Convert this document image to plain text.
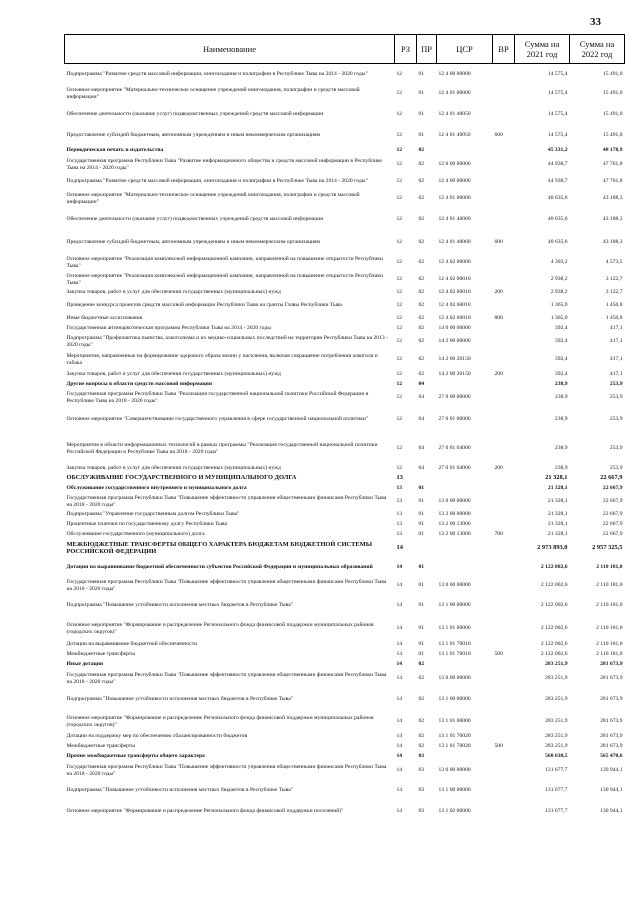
33
Наименование	РЗ	ПР	ЦСР	ВР	Сумма на 2021 год	Сумма на 2022 год
Подпрограмма "Развитие средств массовой информации, книгоиздания и полиграфии в Республике Тыва на 2014 - 2020 годы"	12	01	12 4 00 00000		14 575,4	15 491,0
Основное мероприятие "Материально-техническое оснащение учреждений книгоиздания, полиграфии и средств массовой информации"	12	01	12 4 01 00000		14 575,4	15 491,0
Обеспечение деятельности (оказание услуг) подведомственных учреждений средств массовой информации	12	01	12 4 01 40050		14 575,4	15 491,0
Предоставление субсидий бюджетным, автономным учреждениям и иным некоммерческим организациям	12	01	12 4 01 40050	600	14 575,4	15 491,0
Периодическая печать и издательства	12	02			45 331,2	48 178,9
Государственная программа Республики Тыва "Развитие информационного общества и средств массовой информации в Республике Тыва на 2014 - 2020 годы"	12	02	12 0 00 00000		44 938,7	47 761,8
Подпрограмма "Развитие средств массовой информации, книгоиздания и полиграфии в Республике Тыва на 2014 - 2020 годы"	12	02	12 4 00 00000		44 938,7	47 761,8
Основное мероприятие "Материально-техническое оснащение учреждений книгоиздания, полиграфии и средств массовой информации"	12	02	12 4 01 00000		40 635,6	43 188,3
Обеспечение деятельности (оказание услуг) подведомственных учреждений средств массовой информации	12	02	12 4 01 40060		40 635,6	43 188,3
Предоставление субсидий бюджетным, автономным учреждениям и иным некоммерческим организациям	12	02	12 4 01 40060	600	40 635,6	43 188,3
Основное мероприятие "Реализация комплексной информационной кампании, направленной на повышение открытости Республики Тыва"	12	02	12 4 02 00000		4 303,2	4 573,5
Основное мероприятие "Реализация комплексной информационной кампании, направленной на повышение открытости Республики Тыва"	12	02	12 4 02 00010		2 938,2	3 122,7
Закупка товаров, работ и услуг для обеспечения государственных (муниципальных) нужд	12	02	12 4 02 00010	200	2 938,2	3 122,7
Проведение конкурса проектов средств массовой информации Республики Тыва на гранты Главы Республики Тыва	12	02	12 4 02 60010		1 365,0	1 450,8
Иные бюджетные ассигнования	12	02	12 4 02 60010	800	1 365,0	1 450,8
Государственная антинаркотическая программа Республики Тыва на 2014 - 2020 годы	12	02	14 0 00 00000		392,4	417,1
Подпрограмма "Профилактика пьянства, алкоголизма и их медико-социальных последствий на территории Республики Тыва на 2013 - 2020 годы"	12	02	14 2 00 00000		392,4	417,1
Мероприятия, направленные на формирование здорового образа жизни у населения, включая сокращение потребления алкоголя и табака	12	02	14 2 00 20150		392,4	417,1
Закупка товаров, работ и услуг для обеспечения государственных (муниципальных) нужд	12	02	14 2 00 20150	200	392,4	417,1
Другие вопросы в области средств массовой информации	12	04			238,9	253,9
Государственная программа Республики Тыва "Реализация государственной национальной политики Российской Федерации в Республике Тыва на 2018 - 2020 годы"	12	04	27 0 00 00000		238,9	253,9
Основное мероприятие "Совершенствование государственного управления в сфере государственной национальной политики"	12	04	27 0 01 00000		238,9	253,9
Мероприятия в области информационных технологий в рамках программы "Реализация государственной национальной политики Российской Федерации в Республике Тыва на 2018 - 2020 годы"	12	04	27 0 01 04000		238,9	253,9
Закупка товаров, работ и услуг для обеспечения государственных (муниципальных) нужд	12	04	27 0 01 04000	200	238,9	253,9
ОБСЛУЖИВАНИЕ ГОСУДАРСТВЕННОГО И МУНИЦИПАЛЬНОГО ДОЛГА	13				21 328,1	22 667,9
Обслуживание государственного внутреннего и муниципального долга	13	01			21 328,1	22 667,9
Государственная программа Республики Тыва "Повышение эффективности управления общественными финансами Республики Тыва на 2018 - 2020 годы"	13	01	13 0 00 00000		21 328,1	22 667,9
Подпрограмма "Управление государственным долгом Республики Тыва"	13	01	13 2 00 00000		21 328,1	22 667,9
Процентные платежи по государственному долгу Республики Тыва	13	01	13 2 00 13000		21 328,1	22 667,9
Обслуживание государственного (муниципального) долга	13	01	13 2 00 13000	700	21 328,1	22 667,9
МЕЖБЮДЖЕТНЫЕ ТРАНСФЕРТЫ ОБЩЕГО ХАРАКТЕРА БЮДЖЕТАМ БЮДЖЕТНОЙ СИСТЕМЫ РОССИЙСКОЙ ФЕДЕРАЦИИ	14				2 973 893,0	2 957 325,5
Дотации на выравнивание бюджетной обеспеченности субъектов Российской Федерации и муниципальных образований	14	01			2 122 002,6	2 110 181,0
Государственная программа Республики Тыва "Повышение эффективности управления общественными финансами Республики Тыва на 2018 - 2020 годы"	14	01	13 0 00 00000		2 122 002,6	2 110 181,0
Подпрограмма "Повышение устойчивости исполнения местных бюджетов в Республике Тыва"	14	01	13 1 00 00000		2 122 002,6	2 110 181,0
Основное мероприятие "Формирование и распределение Регионального фонда финансовой поддержки муниципальных районов (городских округов)"	14	01	13 1 01 00000		2 122 002,6	2 110 181,0
Дотации на выравнивание бюджетной обеспеченности	14	01	13 1 01 70010		2 122 002,6	2 110 181,0
Межбюджетные трансферты	14	01	13 1 01 70010	500	2 122 002,6	2 110 181,0
Иные дотации	14	02			283 251,9	281 673,9
Государственная программа Республики Тыва "Повышение эффективности управления общественными финансами Республики Тыва на 2018 - 2020 годы"	14	02	13 0 00 00000		283 251,9	281 673,9
Подпрограмма "Повышение устойчивости исполнения местных бюджетов в Республике Тыва"	14	02	13 1 00 00000		283 251,9	281 673,9
Основное мероприятие "Формирование и распределение Регионального фонда финансовой поддержки муниципальных районов (городских округов)"	14	02	13 1 01 00000		283 251,9	281 673,9
Дотации на поддержку мер по обеспечению сбалансированности бюджетов	14	02	13 1 01 70020		283 251,9	281 673,9
Межбюджетные трансферты	14	02	13 1 01 70020	500	283 251,9	281 673,9
Прочие межбюджетные трансферты общего характера	14	03			568 638,5	565 470,6
Государственная программа Республики Тыва "Повышение эффективности управления общественными финансами Республики Тыва на 2018 - 2020 годы"	14	03	13 0 00 00000		131 677,7	130 944,1
Подпрограмма "Повышение устойчивости исполнения местных бюджетов в Республике Тыва"	14	03	13 1 00 00000		131 677,7	130 944,1
Основное мероприятие "Формирование и распределение Регионального фонда финансовой поддержки поселений)"	14	03	13 1 02 00000		131 677,7	130 944,1
